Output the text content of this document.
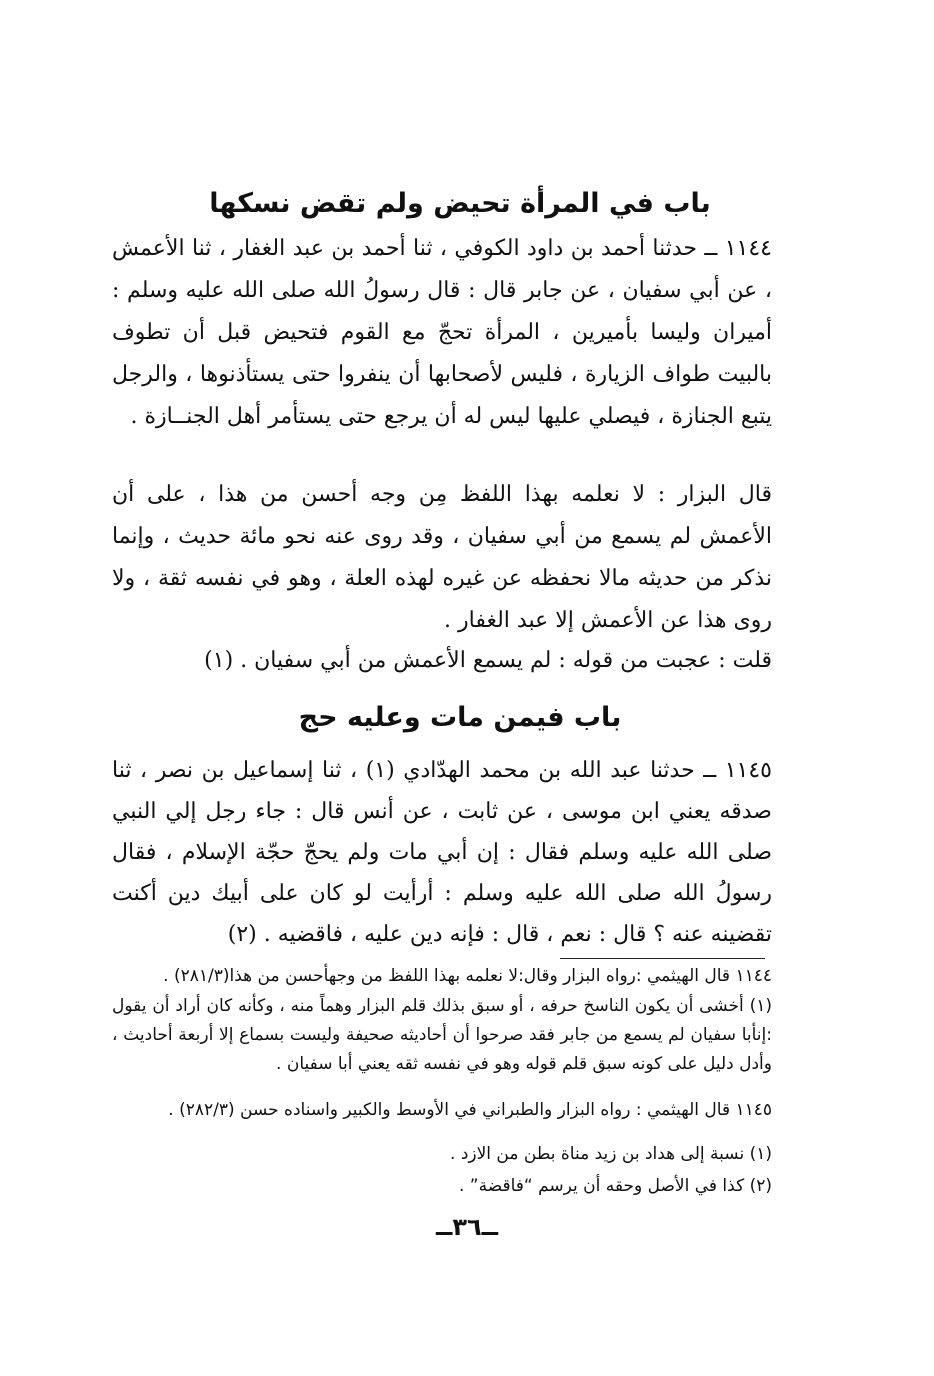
باب في المرأة تحيض ولم تقض نسكها

١١٤٤ ــ حدثنا أحمد بن داود الكوفي ، ثنا أحمد بن عبد الغفار ، ثنا الأعمش ، عن أبي سفيان ، عن جابر قال : قال رسولُ الله صلى الله عليه وسلم : أميران وليسا بأميرين ، المرأة تحجّ مع القوم فتحيض قبل أن تطوف بالبيت طواف الزيارة ، فليس لأصحابها أن ينفروا حتى يستأذنوها ، والرجل يتبع الجنازة ، فيصلي عليها ليس له أن يرجع حتى يستأمر أهل الجنــازة .

قال البزار : لا نعلمه بهذا اللفظ مِن وجه أحسن من هذا ، على أن الأعمش لم يسمع من أبي سفيان ، وقد روى عنه نحو مائة حديث ، وإنما نذكر من حديثه مالا نحفظه عن غيره لهذه العلة ، وهو في نفسه ثقة ، ولا روى هذا عن الأعمش إلا عبد الغفار .

قلت : عجبت من قوله : لم يسمع الأعمش من أبي سفيان . (١)

باب فيمن مات وعليه حج

١١٤٥ ــ حدثنا عبد الله بن محمد الهدّادي (١) ، ثنا إسماعيل بن نصر ، ثنا صدقه يعني ابن موسى ، عن ثابت ، عن أنس قال : جاء رجل إلي النبي صلى الله عليه وسلم فقال : إن أبي مات ولم يحجّ حجّة الإسلام ، فقال رسولُ الله صلى الله عليه وسلم : أرأيت لو كان على أبيك دين أكنت تقضينه عنه ؟ قال : نعم ، قال : فإنه دين عليه ، فاقضيه . (٢)

١١٤٤ قال الهيثمي :رواه البزار وقال:لا نعلمه بهذا اللفظ من وجهأحسن من هذا(٢٨١/٣) .

(١) أخشى أن يكون الناسخ حرفه ، أو سبق بذلك قلم البزار وهماً منه ، وكأنه كان أراد أن يقول :إنأبا سفيان لم يسمع من جابر فقد صرحوا أن أحاديثه صحيفة وليست بسماع إلا أربعة أحاديث ، وأدل دليل على كونه سبق قلم قوله وهو في نفسه ثقه يعني أبا سفيان .

١١٤٥ قال الهيثمي : رواه البزار والطبراني في الأوسط والكبير واسناده حسن (٢٨٢/٣) .

(١) نسبة إلى هداد بن زيد مناة بطن من الازد .

(٢) كذا في الأصل وحقه أن يرسم “فاقضة” .

ــ٣٦ــ
